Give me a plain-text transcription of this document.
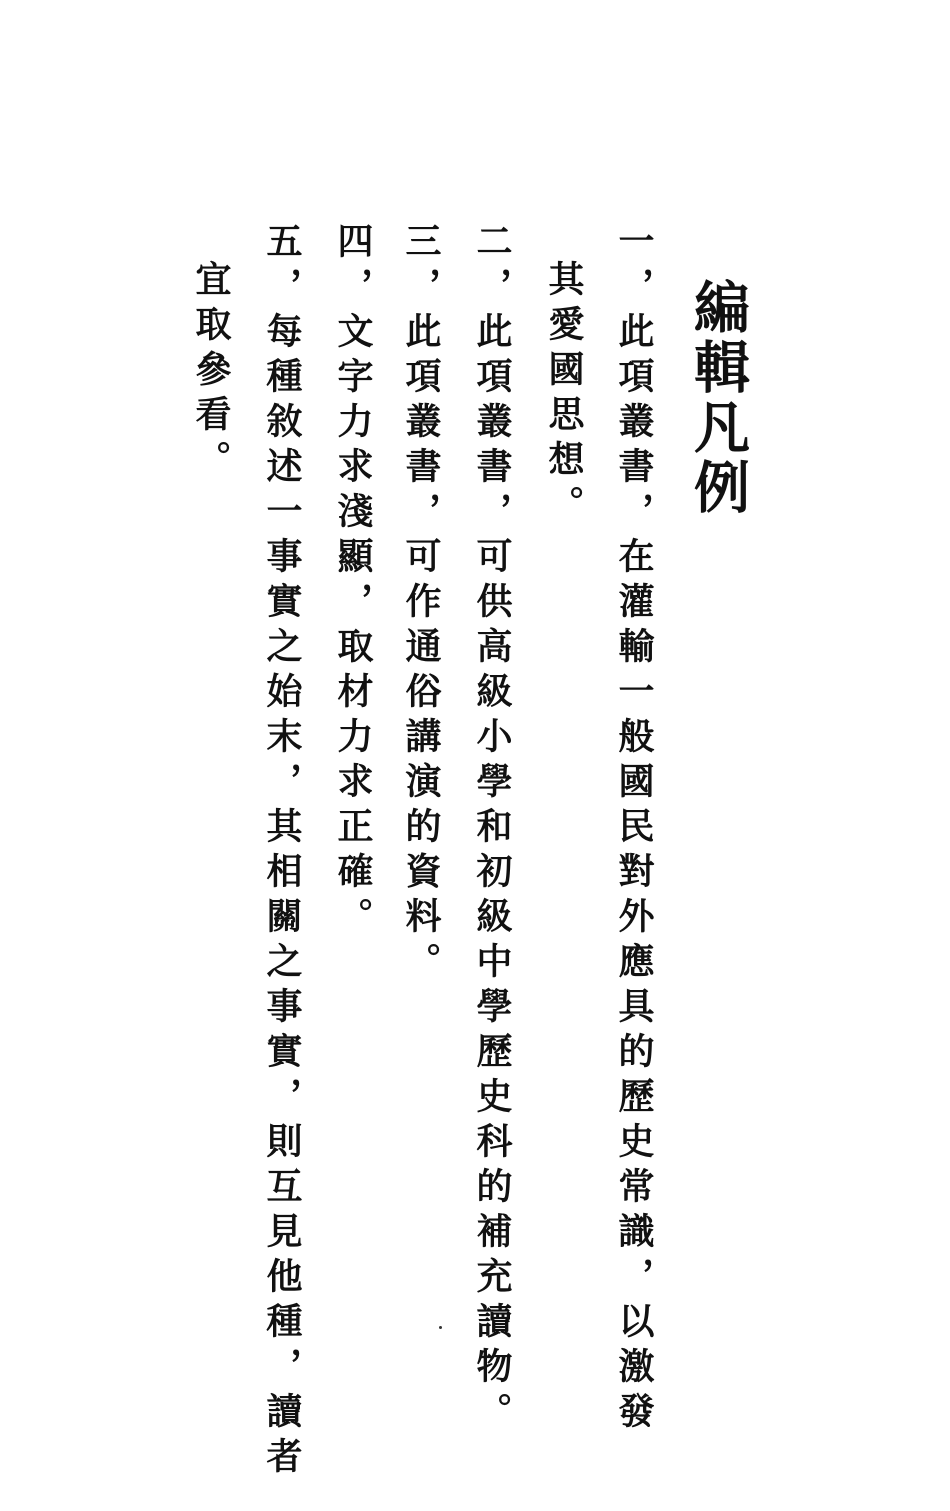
編輯凡例
一，此項叢書，在灌輸一般國民對外應具的歷史常識，以激發
其愛國思想。
二，此項叢書，可供高級小學和初級中學歷史科的補充讀物。
三，此項叢書，可作通俗講演的資料。
四，文字力求淺顯，取材力求正確。
五，每種敘述一事實之始末，其相關之事實，則互見他種，讀者
宜取參看。
